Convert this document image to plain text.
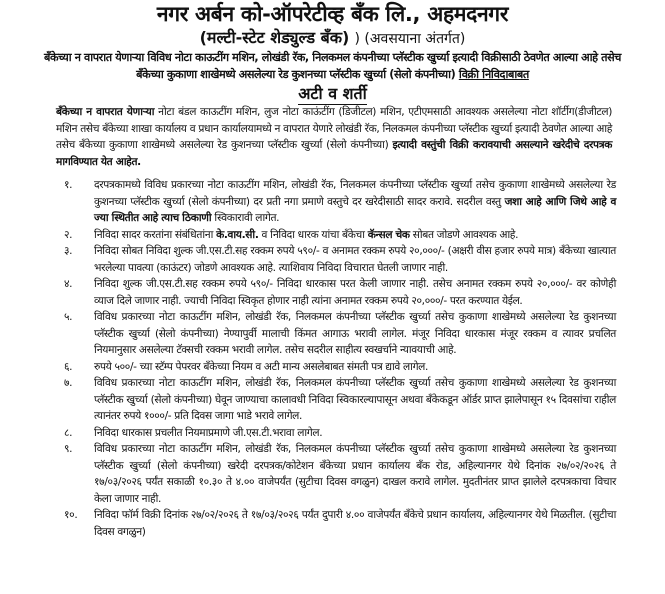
नगर अर्बन को-ऑपरेटीव्ह बँक लि., अहमदनगर
(मल्टी-स्टेट शेड्युल्ड बँक) ) (अवसयाना अंतर्गत)
बँकेच्या न वापरात येणाऱ्या विविध नोटा काऊटींग मशिन, लोखंडी रॅक, निलकमल कंपनीच्या प्लॅस्टीक खुर्च्या इत्यादी विक्रीसाठी ठेवणेत आल्या आहे तसेच बँकेच्या कुकाणा शाखेमध्ये असलेल्या रेड कुशनच्या प्लॅस्टीक खुर्च्या (सेलो कंपनीच्या) विक्री निविदाबाबत
अटी व शर्ती
बँकेच्या न वापरात येणाऱ्या नोटा बंडल काऊटींग मशिन, लुज नोटा काऊंटींग (डिजीटल) मशिन, एटीएमसाठी आवश्यक असलेल्या नोटा शॉर्टीग(डीजीटल) मशिन तसेच बँकेच्या शाखा कार्यालय व प्रधान कार्यालयामध्ये न वापरात येणारे लोखंडी रॅक, निलकमल कंपनीच्या प्लॅस्टीक खुर्च्या इत्यादी ठेवणेत आल्या आहे तसेच बँकेच्या कुकाणा शाखेमध्ये असलेल्या रेड कुशनच्या प्लॅस्टीक खुर्च्या (सेलो कंपनीच्या) इत्यादी वस्तुंची विक्री करावयाची असल्याने खरेदीचे दरपत्रक मागविण्यात येत आहेत.
१. दरपत्रकामध्ये विविध प्रकारच्या नोटा काऊटींग मशिन, लोखंडी रॅक, निलकमल कंपनीच्या प्लॅस्टीक खुर्च्या तसेच कुकाणा शाखेमध्ये असलेल्या रेड कुशनच्या प्लॅस्टीक खुर्च्या (सेलो कंपनीच्या) दर प्रती नगा प्रमाणे वस्तुचे दर खरेदीसाठी सादर करावे. सदरील वस्तु जशा आहे आणि जिथे आहे व ज्या स्थितीत आहे त्याच ठिकाणी स्विकारावी लागेत.
२. निविदा सादर करतांना संबंधितांना के.वाय.सी. व निविदा धारक यांचा बँकेचा कॅन्सल चेक सोबत जोडणे आवश्यक आहे.
३. निविदा सोबत निविदा शुल्क जी.एस.टी.सह रक्कम रुपये ५९०/- व अनामत रक्कम रुपये २०,०००/- (अक्षरी वीस हजार रुपये मात्र) बँकेच्या खात्यात भरलेल्या पावत्या (काऊंटर) जोडणे आवश्यक आहे. त्याशिवाय निविदा विचारात घेतली जाणार नाही.
४. निविदा शुल्क जी.एस.टी.सह रक्कम रुपये ५९०/- निविदा धारकास परत केली जाणार नाही. तसेच अनामत रक्कम रुपये २०,०००/- वर कोणेही व्याज दिले जाणार नाही. ज्याची निविदा स्विकृत होणार नाही त्यांना अनामत रक्कम रुपये २०,०००/- परत करण्यात येईल.
५. विविध प्रकारच्या नोटा काऊटींग मशिन, लोखंडी रॅक, निलकमल कंपनीच्या प्लॅस्टीक खुर्च्या तसेच कुकाणा शाखेमध्ये असलेल्या रेड कुशनच्या प्लॅस्टीक खुर्च्या (सेलो कंपनीच्या) नेण्यापुर्वी मालाची किंमत आगाऊ भरावी लागेल. मंजूर निविदा धारकास मंजूर रक्कम व त्यावर प्रचलित नियमानुसार असलेल्या टॅक्सची रक्कम भरावी लागेल. तसेच सदरील साहीत्य स्वखर्चाने न्यावयाची आहे.
६. रुपये ५००/- च्या स्टॅम्प पेपरवर बँकेच्या नियम व अटी मान्य असलेबाबत संमती पत्र द्यावे लागेल.
७. विविध प्रकारच्या नोटा काऊटींग मशिन, लोखंडी रॅक, निलकमल कंपनीच्या प्लॅस्टीक खुर्च्या तसेच कुकाणा शाखेमध्ये असलेल्या रेड कुशनच्या प्लॅस्टीक खुर्च्या (सेलो कंपनीच्या) घेवून जाण्याचा कालावधी निविदा स्विकारल्यापासून अथवा बँकेकडून ऑर्डर प्राप्त झालेपासून १५ दिवसांचा राहील त्यानंतर रुपये १०००/- प्रति दिवस जागा भाडे भरावे लागेल.
८. निविदा धारकास प्रचलीत नियमाप्रमाणे जी.एस.टी.भरावा लागेल.
९. विविध प्रकारच्या नोटा काऊटींग मशिन, लोखंडी रॅक, निलकमल कंपनीच्या प्लॅस्टीक खुर्च्या तसेच कुकाणा शाखेमध्ये असलेल्या रेड कुशनच्या प्लॅस्टीक खुर्च्या (सेलो कंपनीच्या) खरेदी दरपत्रक/कोटेशन बँकेच्या प्रधान कार्यालय बँक रोड, अहिल्यानगर येथे दिनांक २७/०२/२०२६ ते १७/०३/२०२६ पर्यंत सकाळी १०.३० ते ४.०० वाजेपर्यंत (सुटीचा दिवस वगळुन) दाखल करावे लागेल. मुदतीनंतर प्राप्त झालेले दरपत्रकाचा विचार केला जाणार नाही.
१०. निविदा फॉर्म विक्री दिनांक २७/०२/२०२६ ते १७/०३/२०२६ पर्यंत दुपारी ४.०० वाजेपर्यंत बँकेचे प्रधान कार्यालय, अहिल्यानगर येथे मिळतील. (सुटीचा दिवस वगळुन)
